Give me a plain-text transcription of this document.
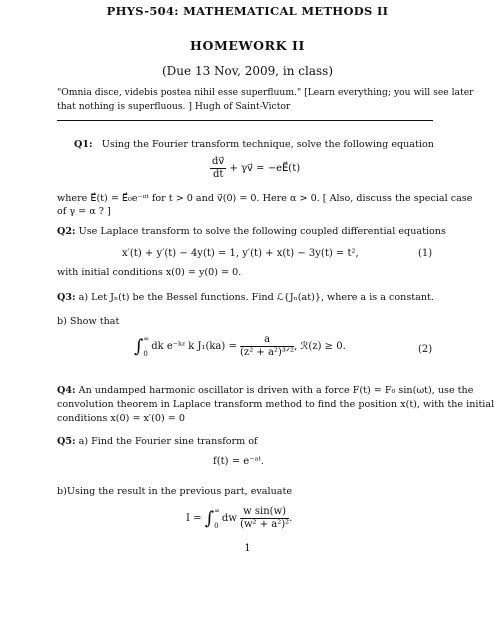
PHYS-504: MATHEMATICAL METHODS II
HOMEWORK II
(Due 13 Nov, 2009, in class)
"Omnia disce, videbis postea nihil esse superfluum." [Learn everything; you will see later
that nothing is superfluous. ] Hugh of Saint-Victor
Q1: Using the Fourier transform technique, solve the following equation
$\frac{dv⃗}{dt}$ + γv⃗ = −eE⃗(t)
where E⃗(t) = E⃗₀e⁻ᵅᵗ for t > 0 and v⃗(0) = 0. Here α > 0. [ Also, discuss the special case
of γ = α ? ]
Q2: Use Laplace transform to solve the following coupled differential equations
x′(t) + y′(t) − 4y(t) = 1, y′(t) + x(t) − 3y(t) = t²,	(1)
with initial conditions x(0) = y(0) = 0.
Q3: a) Let Jₙ(t) be the Bessel functions. Find ℒ{Jₙ(at)}, where a is a constant.
b) Show that
∫ ∞
0
dk e⁻ᵏᶻ k $J_1(ka) = \frac{a}{\text{(z² + a²)³ᐟ²}}$ , ℛ(z) ≥ 0.	(2)
Q4: An undamped harmonic oscillator is driven with a force F(t) = F₀ sin(ωt), use the
convolution theorem in Laplace transform method to find the position x(t), with the initial
conditions x(0) = x′(0) = 0
Q5: a) Find the Fourier sine transform of
f(t) = e⁻ᵃᵗ.
b)Using the result in the previous part, evaluate
I = ∫ ∞
0
dw $\frac{\text{w sin(w)}}{\text{(w² + a²)²}}$ .
1
